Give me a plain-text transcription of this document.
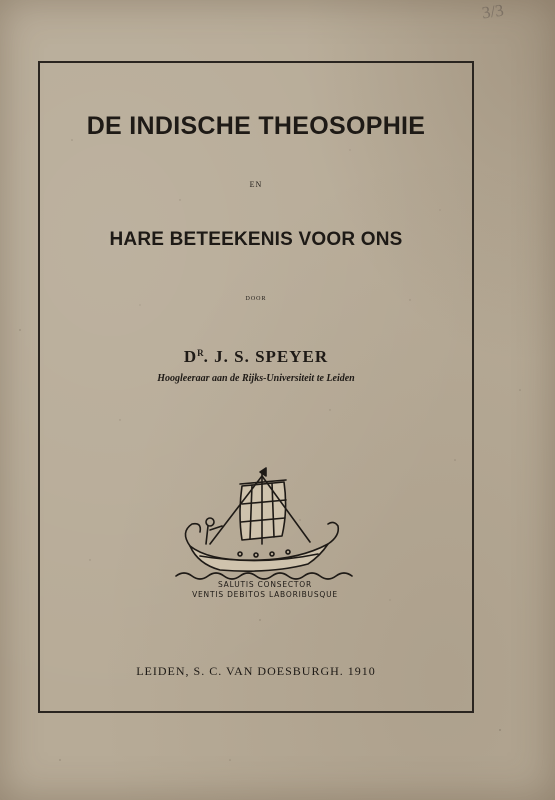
3/3
DE INDISCHE THEOSOPHIE
EN
HARE BETEEKENIS VOOR ONS
DOOR
$D^R$. J. S. SPEYER
Hoogleeraar aan de Rijks-Universiteit te Leiden
SALUTIS CONSECTOR
VENTIS DEBITOS LABORIBUSQUE
LEIDEN, S. C. VAN DOESBURGH. 1910
